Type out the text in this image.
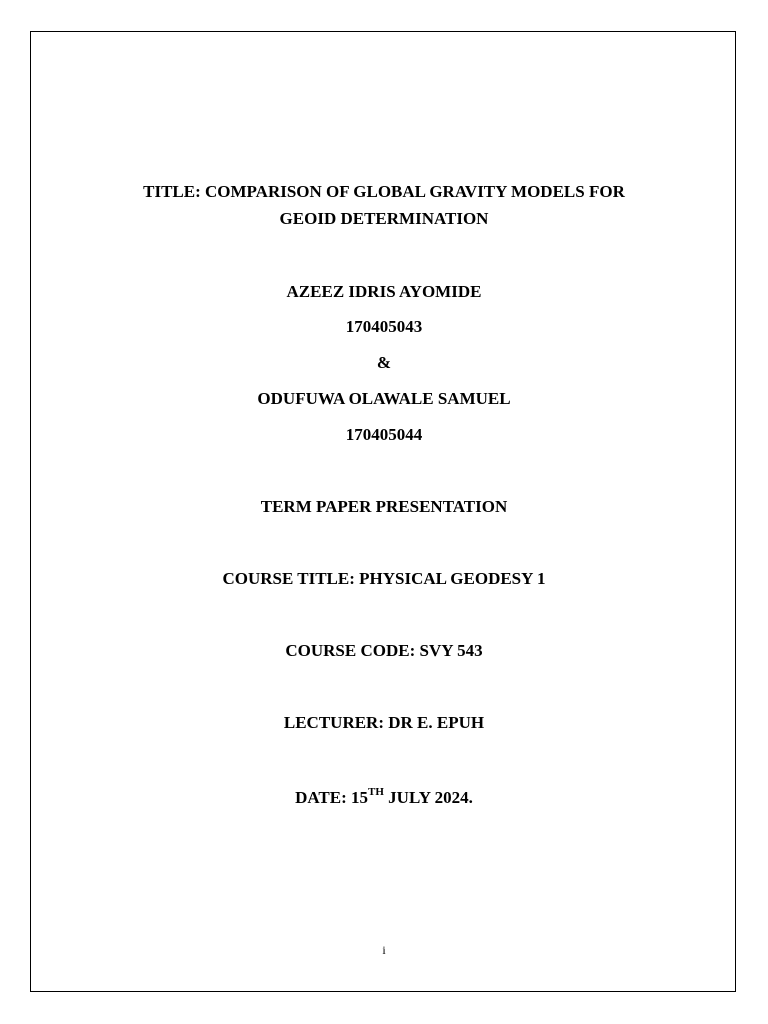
TITLE: COMPARISON OF GLOBAL GRAVITY MODELS FOR
GEOID DETERMINATION
AZEEZ IDRIS AYOMIDE
170405043
&
ODUFUWA OLAWALE SAMUEL
170405044
TERM PAPER PRESENTATION
COURSE TITLE: PHYSICAL GEODESY 1
COURSE CODE: SVY 543
LECTURER: DR E. EPUH
DATE: 15TH JULY 2024.
i
